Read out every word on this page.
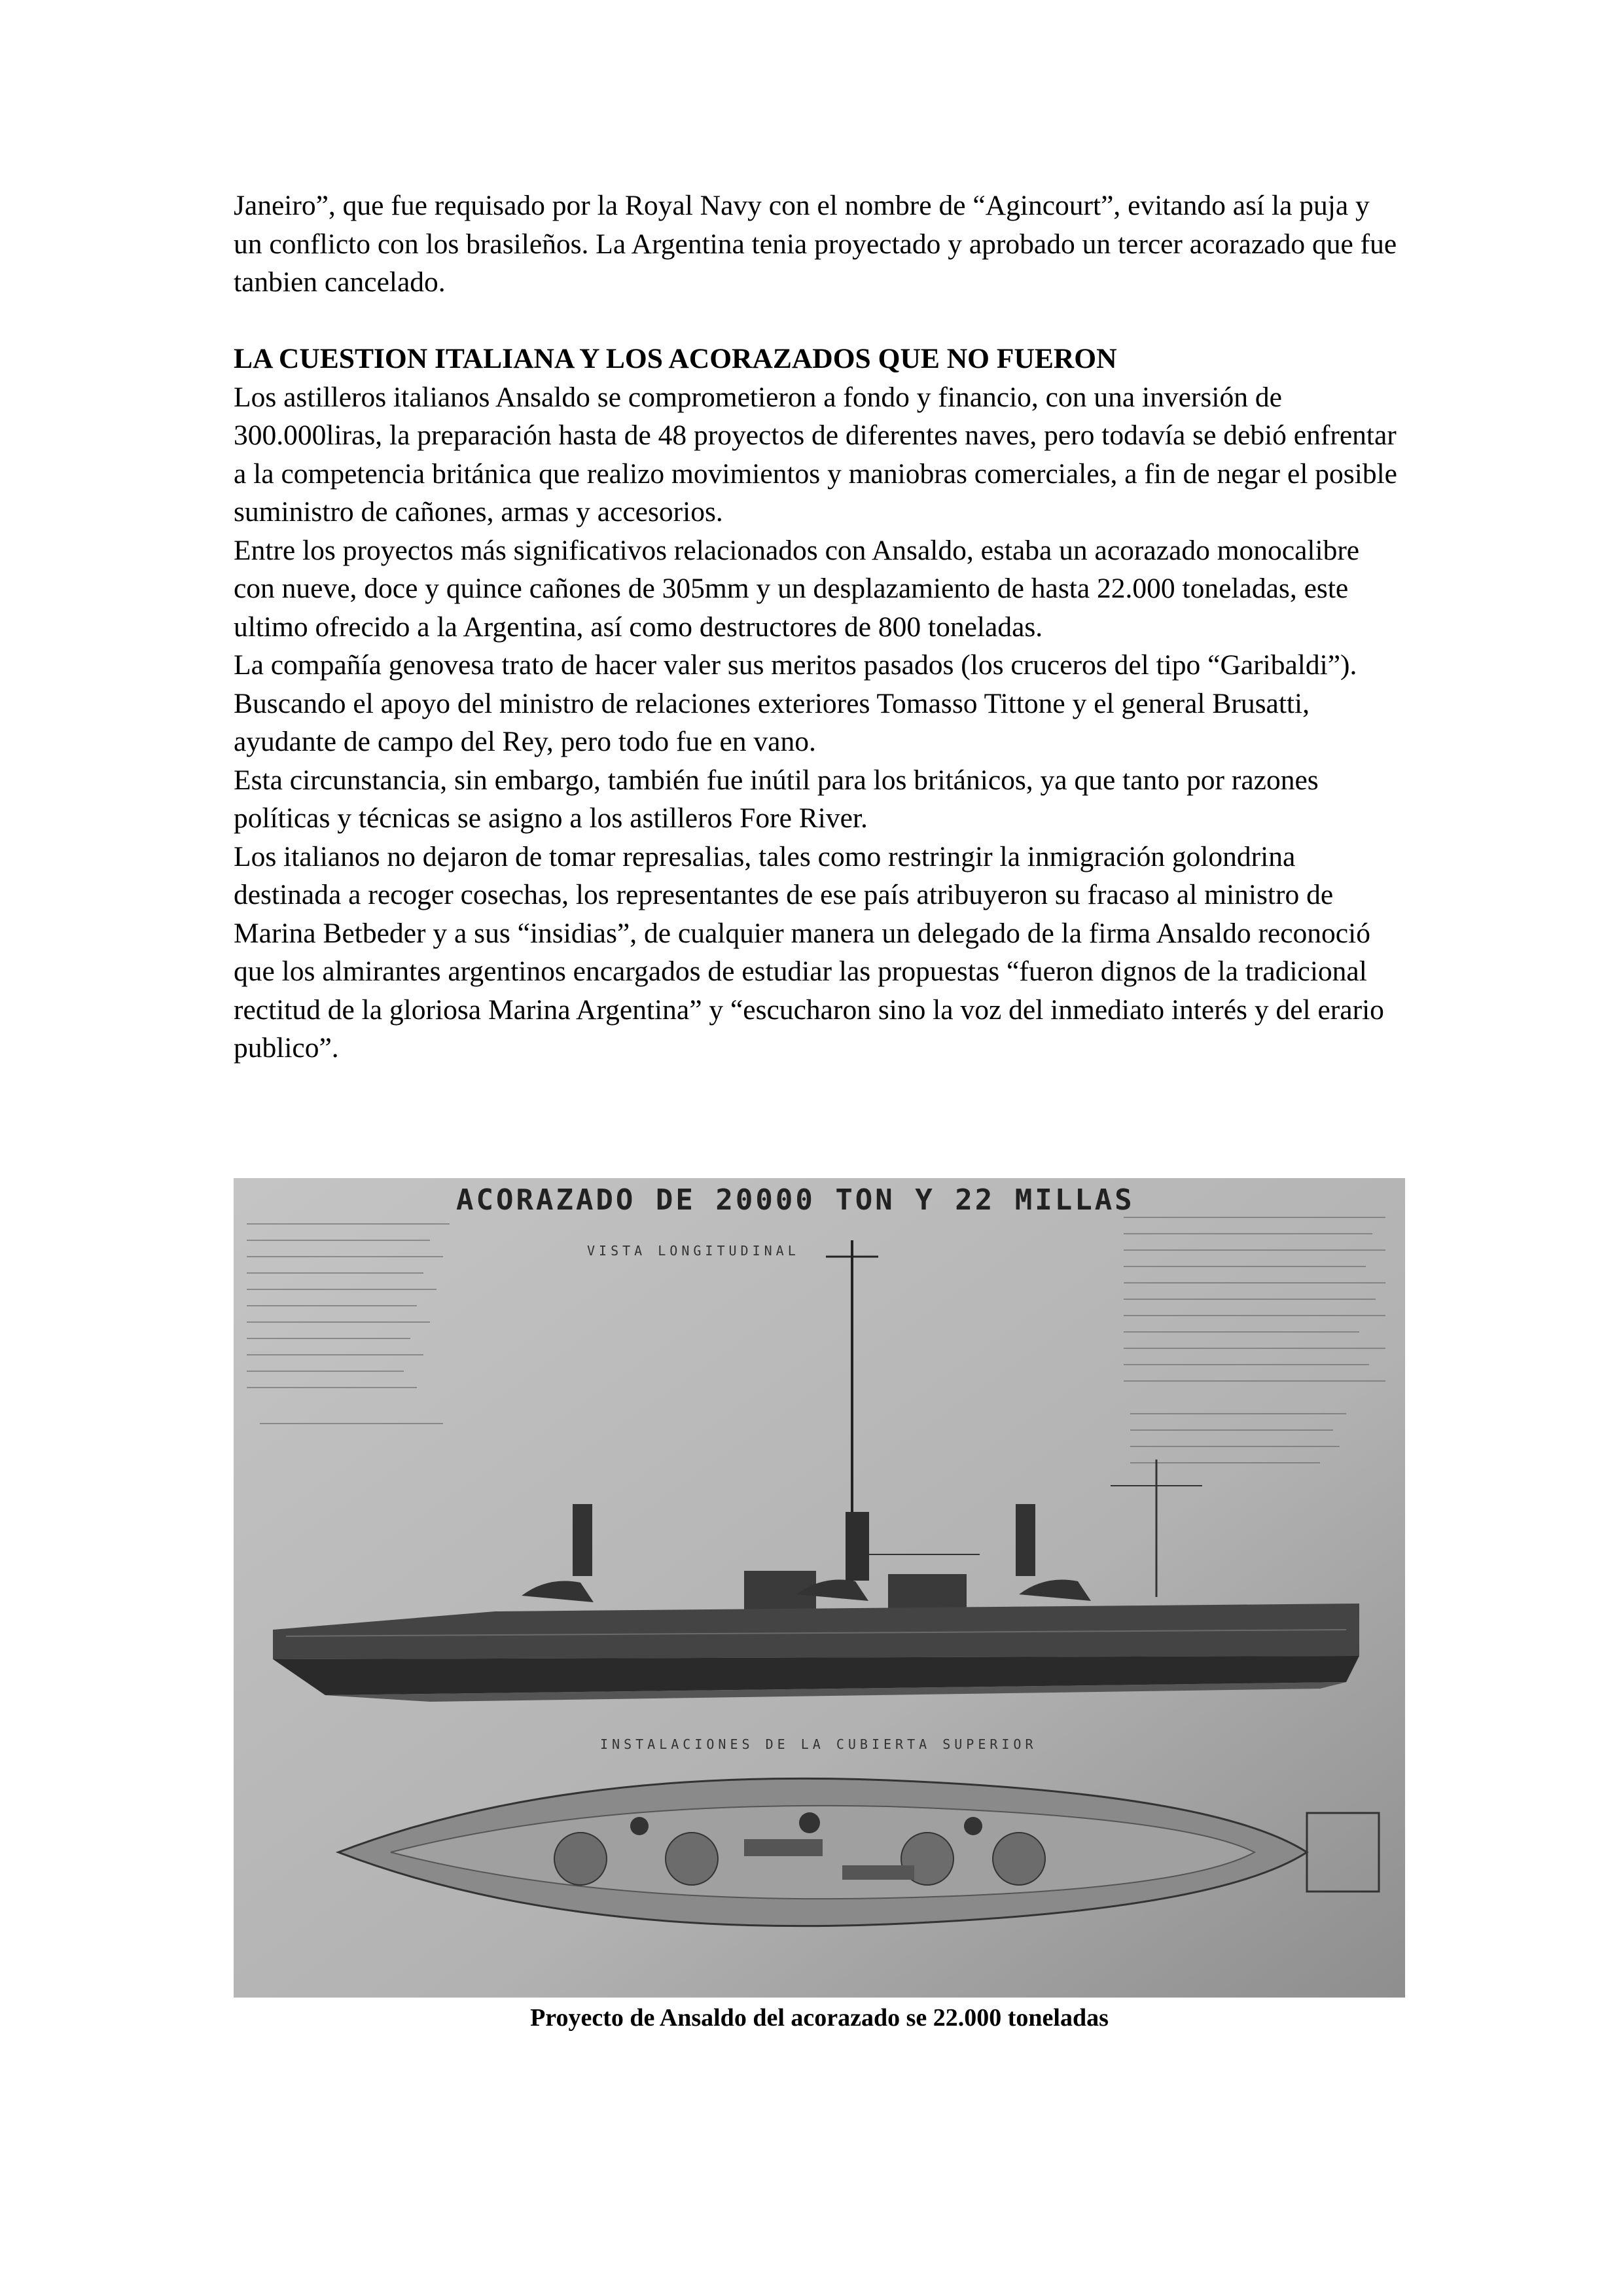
Janeiro”, que fue requisado por la Royal Navy con el nombre de “Agincourt”, evitando así la puja y un conflicto con los brasileños. La Argentina tenia proyectado y aprobado un tercer acorazado que fue tanbien cancelado.

LA CUESTION ITALIANA Y LOS ACORAZADOS QUE NO FUERON

Los astilleros italianos Ansaldo se comprometieron a fondo y financio, con una inversión de 300.000liras, la preparación hasta de 48 proyectos de diferentes naves, pero todavía se debió enfrentar a la competencia británica que realizo movimientos y maniobras comerciales, a fin de negar el posible suministro de cañones, armas y accesorios.

Entre los proyectos más significativos relacionados con Ansaldo, estaba un acorazado monocalibre con nueve, doce y quince cañones de 305mm y un desplazamiento de hasta 22.000 toneladas, este ultimo ofrecido a la Argentina, así como destructores de 800 toneladas.

La compañía genovesa trato de hacer valer sus meritos pasados (los cruceros del tipo “Garibaldi”). Buscando el apoyo del ministro de relaciones exteriores Tomasso Tittone y el general Brusatti, ayudante de campo del Rey, pero todo fue en vano.

Esta circunstancia, sin embargo, también fue inútil para los británicos, ya que tanto por razones políticas y técnicas se asigno a los astilleros Fore River.

Los italianos no dejaron de tomar represalias, tales como restringir la inmigración golondrina destinada a recoger cosechas, los representantes de ese país atribuyeron su fracaso al ministro de Marina Betbeder y a sus “insidias”, de cualquier manera un delegado de la firma Ansaldo reconoció que los almirantes argentinos encargados de estudiar las propuestas “fueron dignos de la tradicional rectitud de la gloriosa Marina Argentina” y “escucharon sino la voz del inmediato interés y del erario publico”.

ACORAZADO DE 20000 TON Y 22 MILLAS
VISTA LONGITUDINAL
INSTALACIONES DE LA CUBIERTA SUPERIOR
Proyecto de Ansaldo del acorazado se 22.000 toneladas
